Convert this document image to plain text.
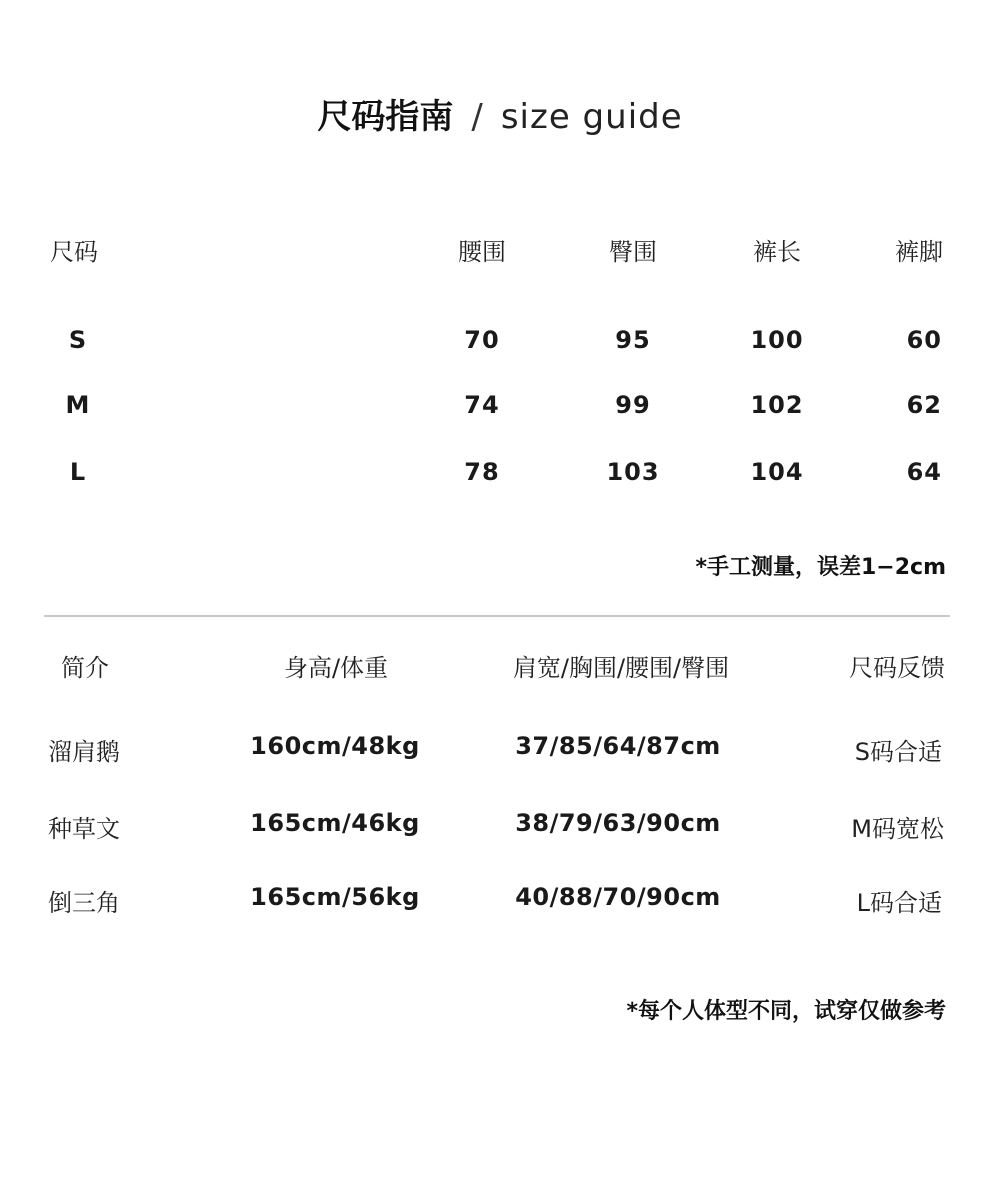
尺码指南 / size guide
尺码	腰围	臀围	裤长	裤脚
S	70	95	100	60
M	74	99	102	62
L	78	103	104	64
*手工测量，误差1−2cm
简介	身高/体重	肩宽/胸围/腰围/臀围	尺码反馈
溜肩鹅	160cm/48kg	37/85/64/87cm	S码合适
种草文	165cm/46kg	38/79/63/90cm	M码宽松
倒三角	165cm/56kg	40/88/70/90cm	L码合适
*每个人体型不同，试穿仅做参考
